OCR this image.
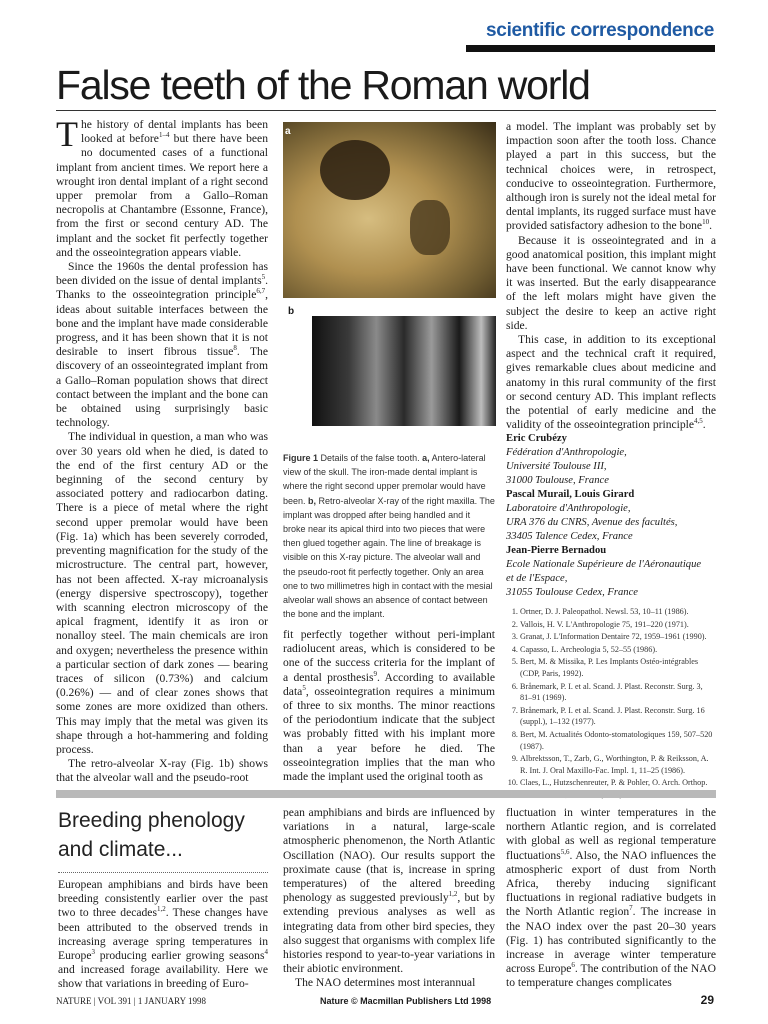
scientific correspondence
False teeth of the Roman world

The history of dental implants has been looked at before$^{1-4}$ but there have been no documented cases of a functional implant from ancient times. We report here a wrought iron dental implant of a right second upper premolar from a Gallo–Roman necropolis at Chantambre (Essonne, France), from the first or second century AD. The implant and the socket fit perfectly together and the osseointegration appears viable.

Since the 1960s the dental profession has been divided on the issue of dental implants$^5$. Thanks to the osseointegration principle$^{6,7}$, ideas about suitable interfaces between the bone and the implant have made considerable progress, and it has been shown that it is not desirable to insert fibrous tissue$^8$. The discovery of an osseointegrated implant from a Gallo–Roman population shows that direct contact between the implant and the bone can be obtained using surprisingly basic technology.

The individual in question, a man who was over 30 years old when he died, is dated to the end of the first century AD or the beginning of the second century by associated pottery and radiocarbon dating. There is a piece of metal where the right second upper premolar would have been (Fig. 1a) which has been severely corroded, preventing magnification for the study of the microstructure. The central part, however, has not been affected. X-ray microanalysis (energy dispersive spectroscopy), together with scanning electron microscopy of the apical fragment, identify it as iron or nonalloy steel. The main chemicals are iron and oxygen; nevertheless the presence within a particular section of dark zones — bearing traces of silicon (0.73%) and calcium (0.26%) — and of clear zones shows that some zones are more oxidized than others. This may imply that the metal was given its shape through a hot-hammering and folding process.

The retro-alveolar X-ray (Fig. 1b) shows that the alveolar wall and the pseudo-root

a
b
Figure 1 Details of the false tooth. a, Antero-lateral view of the skull. The iron-made dental implant is where the right second upper premolar would have been. b, Retro-alveolar X-ray of the right maxilla. The implant was dropped after being handled and it broke near its apical third into two pieces that were then glued together again. The line of breakage is visible on this X-ray picture. The alveolar wall and the pseudo-root fit perfectly together. Only an area one to two millimetres high in contact with the mesial alveolar wall shows an absence of contact between the bone and the implant.

fit perfectly together without peri-implant radiolucent areas, which is considered to be one of the success criteria for the implant of a dental prosthesis$^9$. According to available data$^5$, osseointegration requires a minimum of three to six months. The minor reactions of the periodontium indicate that the subject was probably fitted with his implant more than a year before he died. The osseointegration implies that the man who made the implant used the original tooth as

a model. The implant was probably set by impaction soon after the tooth loss. Chance played a part in this success, but the technical choices were, in retrospect, conducive to osseointegration. Furthermore, although iron is surely not the ideal metal for dental implants, its rugged surface must have provided satisfactory adhesion to the bone$^{10}$.

Because it is osseointegrated and in a good anatomical position, this implant might have been functional. We cannot know why it was inserted. But the early disappearance of the left molars might have given the subject the desire to keep an active right side.

This case, in addition to its exceptional aspect and the technical craft it required, gives remarkable clues about medicine and anatomy in this rural community of the first or second century AD. This implant reflects the potential of early medicine and the validity of the osseointegration principle$^{4,5}$.

Eric Crubézy
Fédération d'Anthropologie,
Université Toulouse III,
31000 Toulouse, France
Pascal Murail, Louis Girard
Laboratoire d'Anthropologie,
URA 376 du CNRS, Avenue des facultés,
33405 Talence Cedex, France
Jean-Pierre Bernadou
Ecole Nationale Supérieure de l'Aéronautique
et de l'Espace,
31055 Toulouse Cedex, France
1. Ortner, D. J. Paleopathol. Newsl. 53, 10–11 (1986).
2. Vallois, H. V. L'Anthropologie 75, 191–220 (1971).
3. Granat, J. L'Information Dentaire 72, 1959–1961 (1990).
4. Capasso, L. Archeologia 5, 52–55 (1986).
5. Bert, M. & Missika, P. Les Implants Ostéo-intégrables (CDP, Paris, 1992).
6. Brånemark, P. I. et al. Scand. J. Plast. Reconstr. Surg. 3, 81–91 (1969).
7. Brånemark, P. I. et al. Scand. J. Plast. Reconstr. Surg. 16 (suppl.), 1–132 (1977).
8. Bert, M. Actualités Odonto-stomatologiques 159, 507–520 (1987).
9. Albrektsson, T., Zarb, G., Worthington, P. & Reiksson, A. R. Int. J. Oral Maxillo-Fac. Impl. 1, 11–25 (1986).
10. Claes, L., Hutzschenreuter, P. & Pohler, O. Arch. Orthop.
Breeding phenology
and climate...

European amphibians and birds have been breeding consistently earlier over the past two to three decades$^{1,2}$. These changes have been attributed to the observed trends in increasing average spring temperatures in Europe$^3$ producing earlier growing seasons$^4$ and increased forage availability. Here we show that variations in breeding of Euro-

pean amphibians and birds are influenced by variations in a natural, large-scale atmospheric phenomenon, the North Atlantic Oscillation (NAO). Our results support the proximate cause (that is, increase in spring temperatures) of the altered breeding phenology as suggested previously$^{1,2}$, but by extending previous analyses as well as integrating data from other bird species, they also suggest that organisms with complex life histories respond to year-to-year variations in their abiotic environment.

The NAO determines most interannual

fluctuation in winter temperatures in the northern Atlantic region, and is correlated with global as well as regional temperature fluctuations$^{5,6}$. Also, the NAO influences the atmospheric export of dust from North Africa, thereby inducing significant fluctuations in regional radiative budgets in the North Atlantic region$^7$. The increase in the NAO index over the past 20–30 years (Fig. 1) has contributed significantly to the increase in average winter temperature across Europe$^6$. The contribution of the NAO to temperature changes complicates

NATURE | VOL 391 | 1 JANUARY 1998	Nature © Macmillan Publishers Ltd 1998	29
